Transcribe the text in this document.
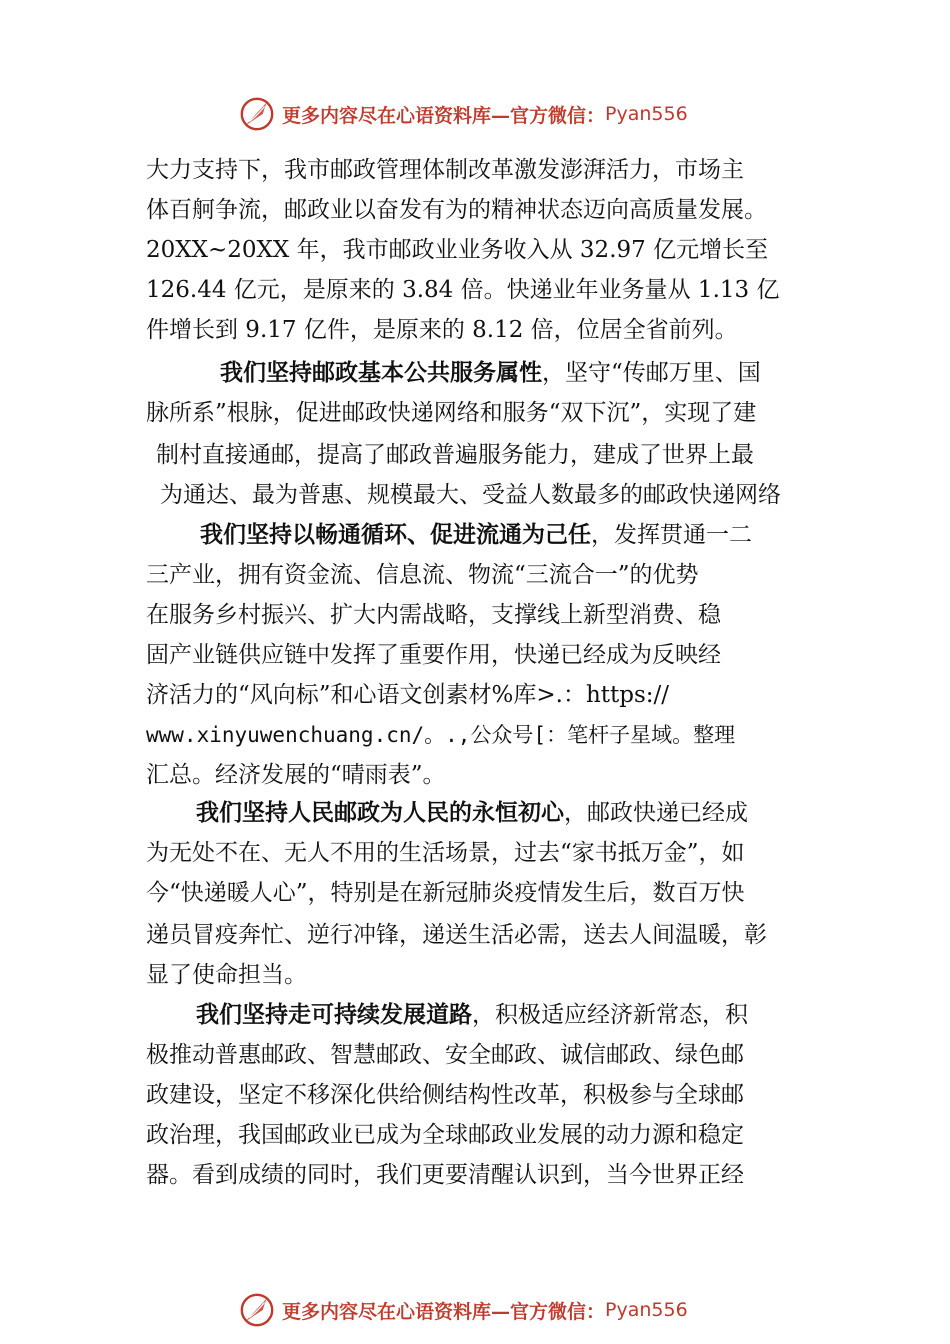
更多内容尽在心语资料库—官方微信： Pyan556
大力支持下，我市邮政管理体制改革激发澎湃活力，市场主
体百舸争流，邮政业以奋发有为的精神状态迈向高质量发展。
20XX~20XX 年，我市邮政业业务收入从 32.97 亿元增长至
126.44 亿元，是原来的 3.84 倍。快递业年业务量从 1.13 亿
件增长到 9.17 亿件，是原来的 8.12 倍，位居全省前列。
我们坚持邮政基本公共服务属性 ，坚守“传邮万里、国
脉所系”根脉，促进邮政快递网络和服务“双下沉”，实现了建
制村直接通邮，提高了邮政普遍服务能力，建成了世界上最
为通达、最为普惠、规模最大、受益人数最多的邮政快递网络
我们坚持以畅通循环、促进流通为己任 ，发挥贯通一二
三产业，拥有资金流、信息流、物流“三流合一”的优势
在服务乡村振兴、扩大内需战略，支撑线上新型消费、稳
固产业链供应链中发挥了重要作用，快递已经成为反映经
济活力的“风向标”和心语文创素材%库>.：https://
www.xinyuwenchuang.cn/。.,公众号[：笔杆子星域。整理
汇总。经济发展的“晴雨表”。
我们坚持人民邮政为人民的永恒初心 ，邮政快递已经成
为无处不在、无人不用的生活场景，过去“家书抵万金”，如
今“快递暖人心”，特别是在新冠肺炎疫情发生后，数百万快
递员冒疫奔忙、逆行冲锋，递送生活必需，送去人间温暖，彰
显了使命担当。
我们坚持走可持续发展道路 ，积极适应经济新常态，积
极推动普惠邮政、智慧邮政、安全邮政、诚信邮政、绿色邮
政建设，坚定不移深化供给侧结构性改革，积极参与全球邮
政治理，我国邮政业已成为全球邮政业发展的动力源和稳定
器。看到成绩的同时，我们更要清醒认识到，当今世界正经
更多内容尽在心语资料库—官方微信： Pyan556
